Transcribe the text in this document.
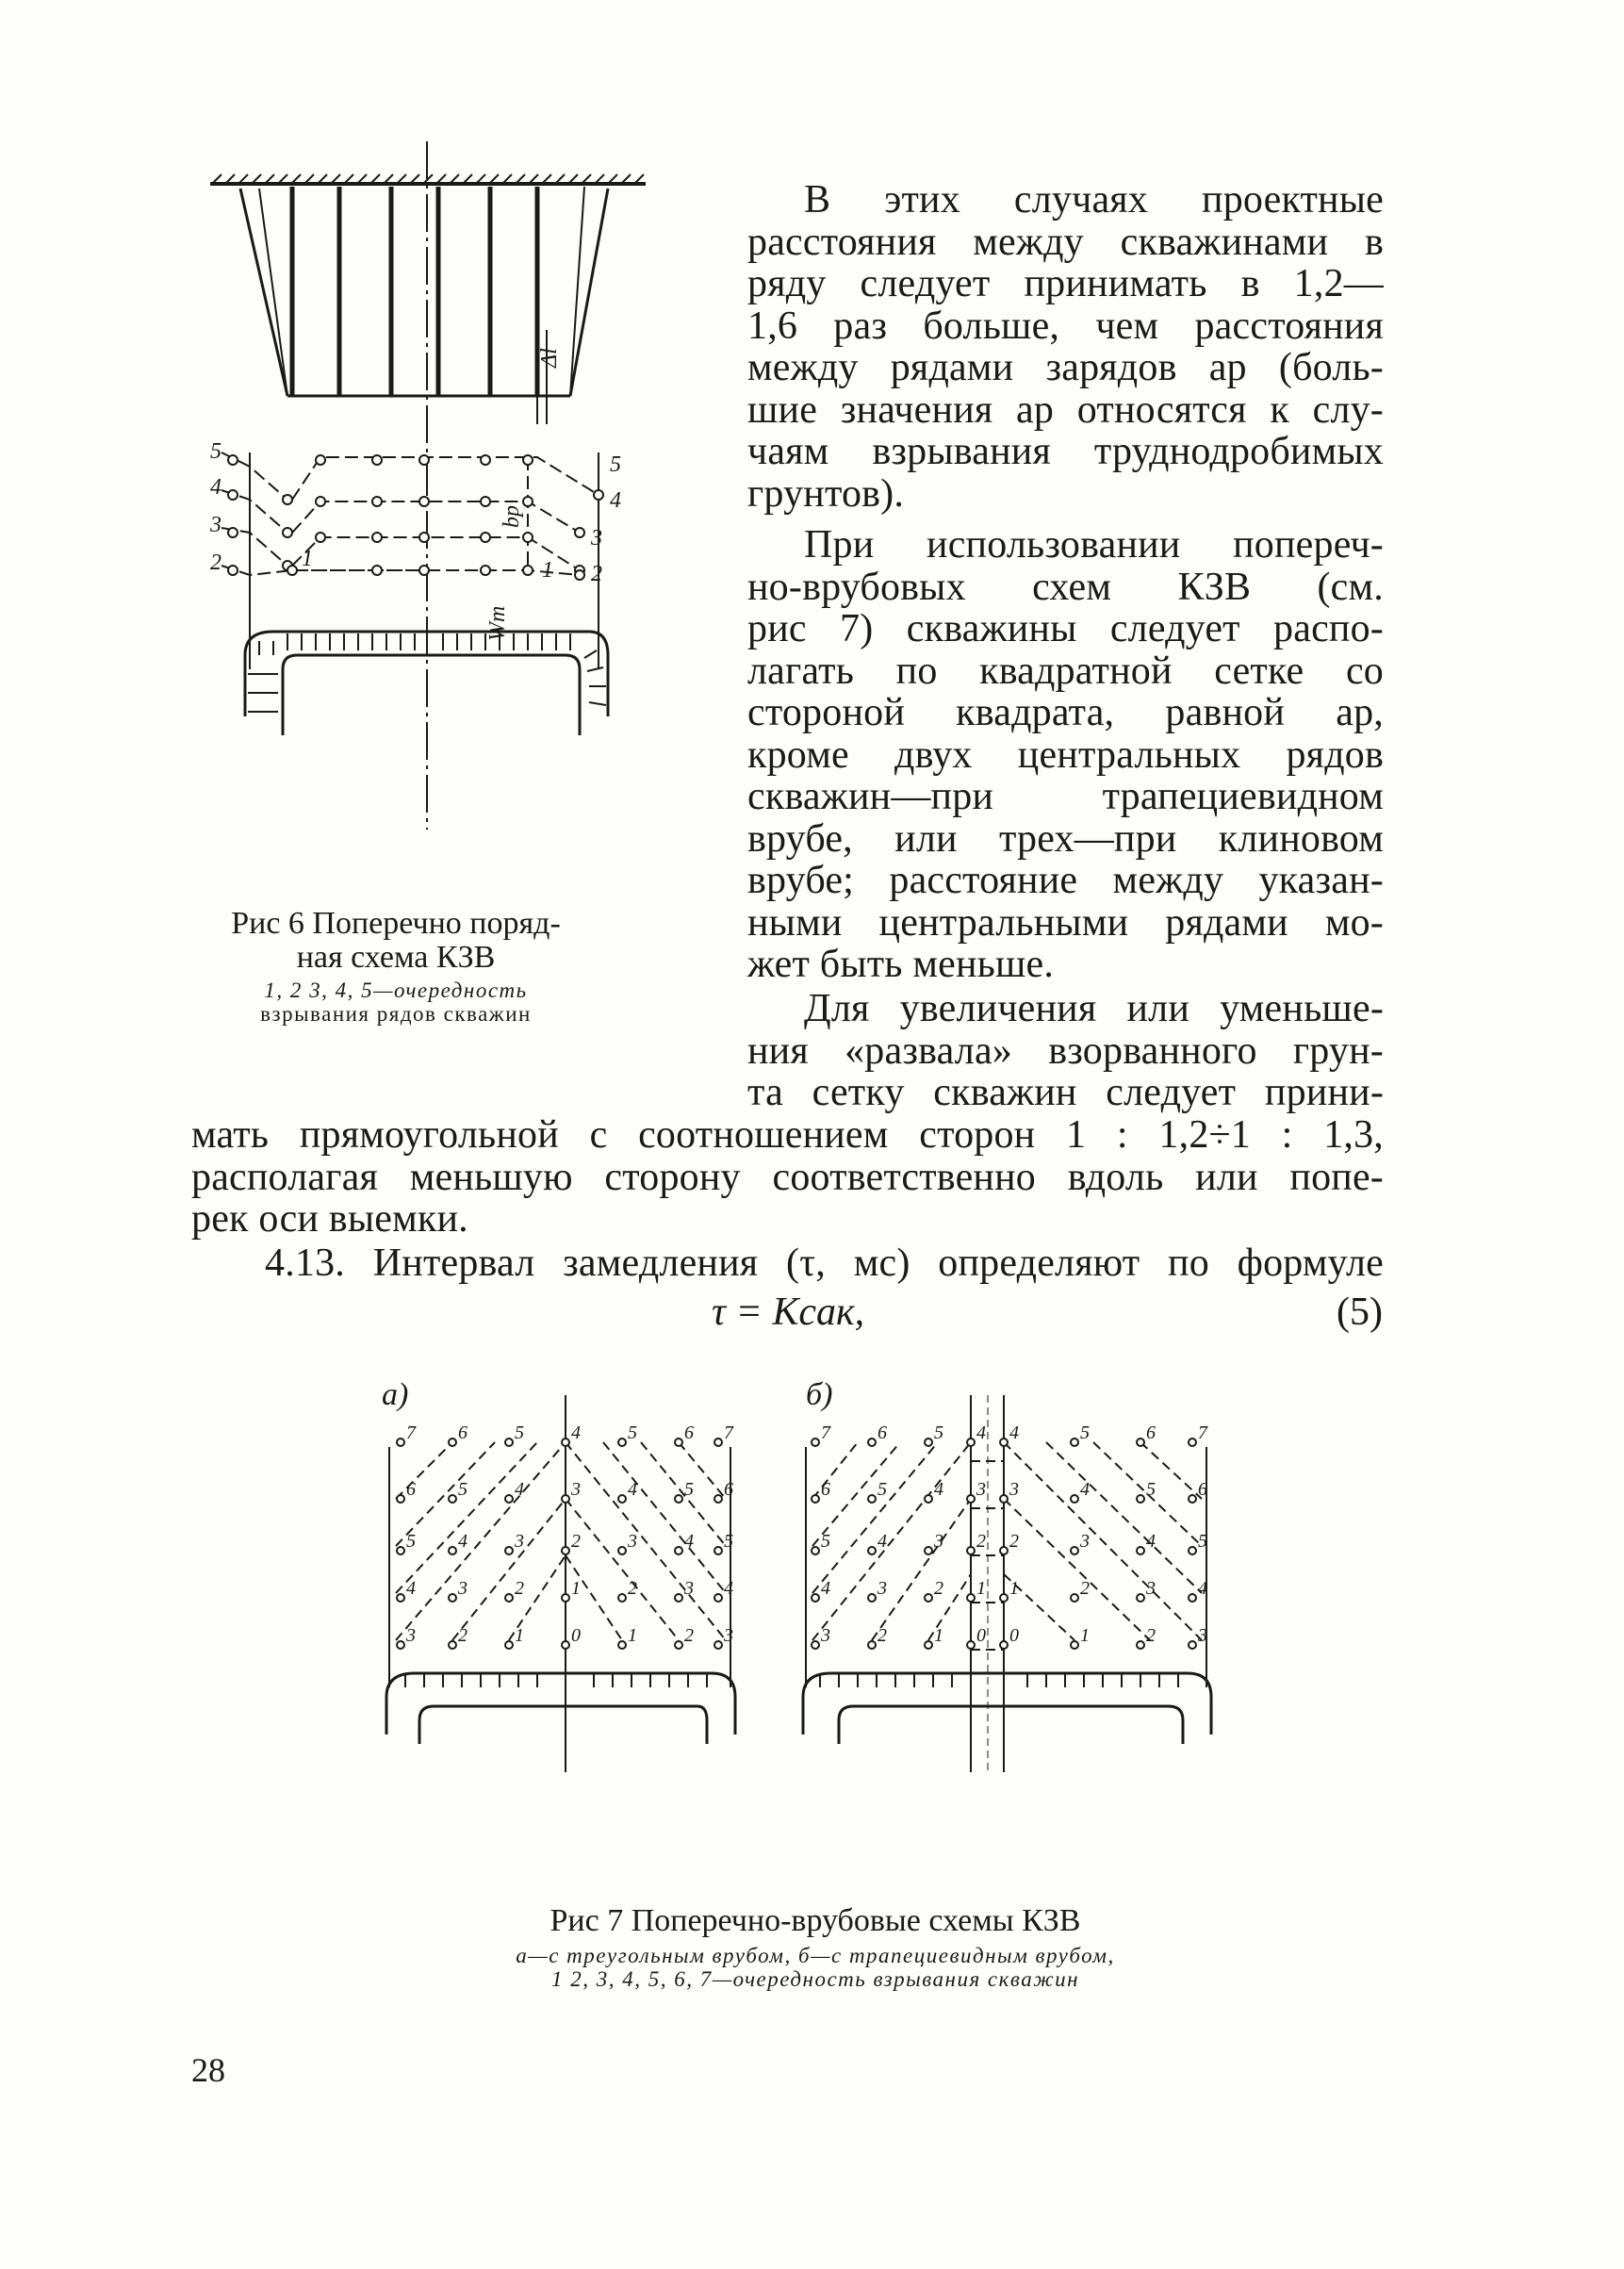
5
4
3
2	1
5
4
3
2
1
Δl
bр
Wm
Рис 6 Поперечно поряд-
ная схема КЗВ
1, 2 3, 4, 5—очередность
взрывания рядов скважин
В этих случаях проектные
расстояния между скважинами в
ряду следует принимать в 1,2—
1,6 раз больше, чем расстояния
между рядами зарядов aр (боль-
шие значения aр относятся к слу-
чаям взрывания труднодробимых
грунтов).
При использовании попереч-
но-врубовых схем КЗВ (см.
рис 7) скважины следует распо-
лагать по квадратной сетке со
стороной квадрата, равной aр,
кроме двух центральных рядов
скважин—при трапециевидном
врубе, или трех—при клиновом
врубе; расстояние между указан-
ными центральными рядами мо-
жет быть меньше.
Для увеличения или уменьше-
ния «развала» взорванного грун-
та сетку скважин следует прини-
мать прямоугольной с соотношением сторон 1 : 1,2÷1 : 1,3,
располагая меньшую сторону соответственно вдоль или попе-
рек оси выемки.
4.13. Интервал замедления (τ, мс) определяют по формуле
τ = Kсaк,	(5)
а)	б)
7 6	5	4	5	6 7
6 5	4	3	4	5 6
5 4	3	2	3	4 5
4 3	2	1	2	3 4
3 2	1	0	1	2 3
7	6	5 4 4	5	6 7
6	5	4 3 3	4	5 6
5	4	3 2 2	3	4 5
4	3	2 1 1	2	3 4
3	2	1 0 0	1	2 3
Рис 7 Поперечно-врубовые схемы КЗВ
а—с треугольным врубом, б—с трапециевидным врубом,
1 2, 3, 4, 5, 6, 7—очередность взрывания скважин
28
